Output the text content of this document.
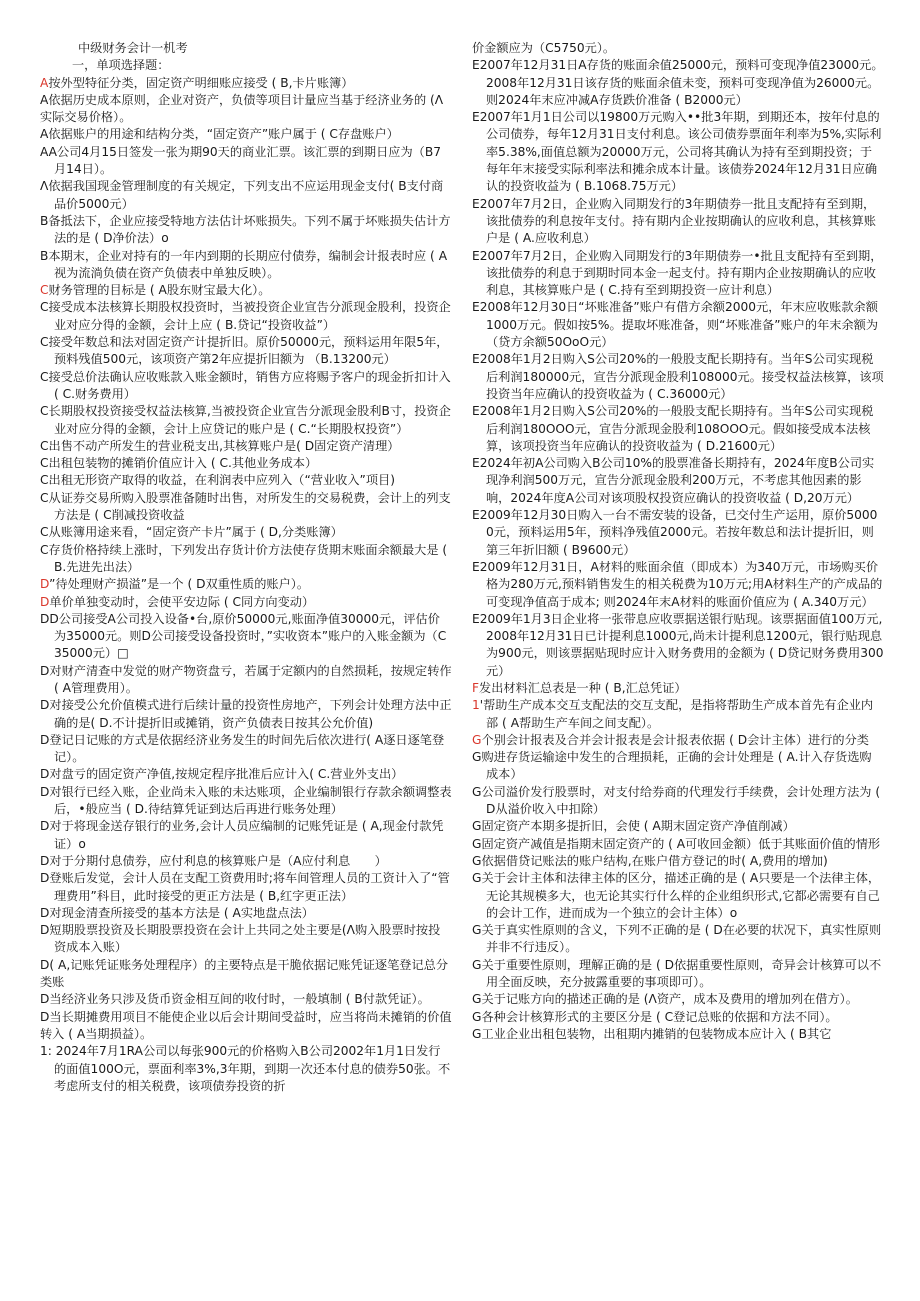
中级财务会计一机考
一，单项选择题：
A按外型特征分类，固定资产明细账应接受 ( B,卡片账簿）
A依据历史成本原则，企业对资产，负债等项目计量应当基于经济业务的 (Λ实际交易价格）。
A依据账户的用途和结构分类，“固定资产”账户属于 ( C存盘账户）
AA公司4月15日签发一张为期90天的商业汇票。该汇票的到期日应为（B7月14日）。
Λ依据我国现金管理制度的有关规定，下列支出不应运用现金支付( B支付商品价5000元）
B备抵法下，企业应接受特地方法估计坏账损失。下列不属于坏账损失估计方法的是 ( D净价法）o
B本期末，企业对持有的一年内到期的长期应付债券，编制会计报表时应 ( A视为流淌负债在资产负债表中单独反映）。
C财务管理的目标是 ( A股东财宝最大化）。
C接受成本法核算长期股权投资时，当被投资企业宣告分派现金股利，投资企业对应分得的金额，会计上应 ( B.贷记“投资收益”）
C接受年数总和法对固定资产计提折旧。原价50000元，预料运用年限5年，预料残值500元，该项资产第2年应提折旧额为 （B.13200元）
C接受总价法确认应收账款入账金额时，销售方应将赐予客户的现金折扣计入 ( C.财务费用）
C长期股权投资接受权益法核算,当被投资企业宣告分派现金股利B寸，投资企业对应分得的金额，会计上应贷记的账户是 ( C.“长期股权投资”）
C出售不动产所发生的营业税支出,其核算账户是( D固定资产清理）
C出租包装物的摊销价值应计入 ( C.其他业务成本）
C出租无形资产取得的收益，在利润表中应列入（“营业收入”项目)
C从证券交易所购入股票准备随时出售，对所发生的交易税费，会计上的列支方法是 ( C削减投资收益
C从账簿用途来看，“固定资产卡片”属于 ( D,分类账簿）
C存货价格持续上涨时，下列发出存货计价方法使存货期末账面余额最大是 ( B.先进先出法）
D”待处理财产损溢”是一个 ( D双重性质的账户）。
D单价单独变动时，会使平安边际 ( C同方向变动）
DD公司接受A公司投入设备•台,原价50000元,账面净值30000元，评估价为35000元。则D公司接受设备投资时，”实收资本”账户的入账金额为（C35000元）□
D对财产清查中发觉的财产物资盘亏，若属于定额内的自然损耗，按规定转作 ( A管理费用）。
D对接受公允价值模式进行后续计量的投资性房地产，下列会计处理方法中正确的是( D.不计提折旧或摊销，资产负债表日按其公允价值)
D登记日记账的方式是依据经济业务发生的时间先后依次进行( A逐日逐笔登记）。
D对盘亏的固定资产净值,按规定程序批准后应计入( C.营业外支出）
D对银行已经入账，企业尚未入账的未达账项，企业编制银行存款余额调整表后，•般应当 ( D.待结算凭证到达后再进行账务处理）
D对于将现金送存银行的业务,会计人员应编制的记账凭证是 ( A,现金付款凭证）o
D对于分期付息债券，应付利息的核算账户是（A应付利息　　）
D登账后发觉，会计人员在支配工资费用时;将车间管理人员的工资计入了“管理费用”科目，此时接受的更正方法是 ( B,红字更正法）
D对现金清查所接受的基本方法是 ( A实地盘点法）
D短期股票投资及长期股票投资在会计上共同之处主要是(Λ购入股票时按投资成本入账）
D( A,记账凭证账务处理程序）的主要特点是干脆依据记账凭证逐笔登记总分类账
D当经济业务只涉及货币资金相互间的收付时，一般填制 ( B付款凭证）。
D当长期摊费用项目不能使企业以后会计期间受益时，应当将尚未摊销的价值转入 ( A当期损益）。
1: 2024年7月1RA公司以每张900元的价格购入B公司2002年1月1日发行的面值100O元，票面利率3%,3年期，到期一次还本付息的债券50张。不考虑所支付的相关税费，该项债券投资的折
价金额应为（C5750元）。
E2007年12月31日A存货的账面余值25000元，预料可变现净值23000元。2008年12月31日该存货的账面余值未变，预料可变现净值为26000元。则2024年末应冲减A存货跌价准备 ( B2000元）
E2007年1月1日公司以19800万元购入••批3年期，到期还本，按年付息的公司债券，每年12月31日支付利息。该公司债券票面年利率为5%,实际利率5.38%,面值总额为20000万元，公司将其确认为持有至到期投资；于每年年末接受实际利率法和摊余成本计量。该债券2024年12月31日应确认的投资收益为 ( B.1068.75万元）
E2007年7月2日，企业购入同期发行的3年期债券一批且支配持有至到期，该批债券的利息按年支付。持有期内企业按期确认的应收利息，其核算账户是 ( A.应收利息）
E2007年7月2日，企业购入同期发行的3年期债券一•批且支配持有至到期，该批债券的利息于到期时同本金一起支付。持有期内企业按期确认的应收利息，其核算账户是 ( C.持有至到期投资一应计利息）
E2008年12月30日“坏账准备”账户有借方余额2000元，年末应收账款余额1000万元。假如按5%。提取坏账准备，则“坏账准备”账户的年末余额为（贷方余额50OoO元）
E2008年1月2日购入S公司20%的一般股支配长期持有。当年S公司实现税后利润180000元，宣告分派现金股利108000元。接受权益法核算，该项投资当年应确认的投资收益为 ( C.36000元）
E2008年1月2日购入S公司20%的一般股支配长期持有。当年S公司实现税后利润180OOO元，宣告分派现金股利108OOO元。假如接受成本法核算，该项投资当年应确认的投资收益为 ( D.21600元）
E2024年初A公司购入B公司10%的股票准备长期持有，2024年度B公司实现净利润500万元，宣告分派现金股利200万元，不考虑其他因素的影响，2024年度A公司对该项股权投资应确认的投资收益 ( D,20万元）
E2009年12月30日购入一台不需安装的设备，已交付生产运用，原价50000元，预料运用5年，预料净残值2000元。若按年数总和法计提折旧，则第三年折旧额 ( B9600元）
E2009年12月31日，A材料的账面余值（即成本）为340万元，市场购买价格为280万元,预料销售发生的相关税费为10万元;用A材料生产的产成品的可变现净值高于成本; 则2024年末A材料的账面价值应为 ( A.340万元）
E2009年1月3日企业将一张带息应收票据送银行贴现。该票据面值100万元,2008年12月31日已计提利息1000元,尚未计提利息1200元，银行贴现息为900元，则该票据贴现时应计入财务费用的金额为 ( D贷记财务费用300元）
F发出材料汇总表是一种 ( B,汇总凭证）
1'帮助生产成本交互支配法的交互支配，是指将帮助生产成本首先有企业内部 ( A帮助生产车间之间支配）。
G个别会计报表及合并会计报表是会计报表依据 ( D会计主体）进行的分类
G购进存货运输途中发生的合理损耗，正确的会计处理是 ( A.计入存货选购　　成本）
G公司溢价发行股票时，对支付给券商的代理发行手续费，会计处理方法为 ( D从溢价收入中扣除）
G固定资产本期多提折旧，会使 ( A期末固定资产净值削减）
G固定资产减值是指期末固定资产的 ( A可收回金额）低于其账面价值的情形
G依据借贷记账法的账户结构,在账户借方登记的时( A,费用的增加)
G关于会计主体和法律主体的区分，描述正确的是 ( A只要是一个法律主体，无论其规模多大，也无论其实行什么样的企业组织形式,它都必需要有自己的会计工作，进而成为一个独立的会计主体）o
G关于真实性原则的含义，下列不正确的是 ( D在必要的状况下，真实性原则并非不行违反）。
G关于重要性原则，理解正确的是 ( D依据重要性原则，奇异会计核算可以不用全面反映，充分披露重要的事项即可）。
G关于记账方向的描述正确的是 (Λ资产，成本及费用的增加列在借方）。
G各种会计核算形式的主要区分是 ( C登记总账的依据和方法不同）。
G工业企业出租包装物，出租期内摊销的包装物成本应计入 ( B其它
